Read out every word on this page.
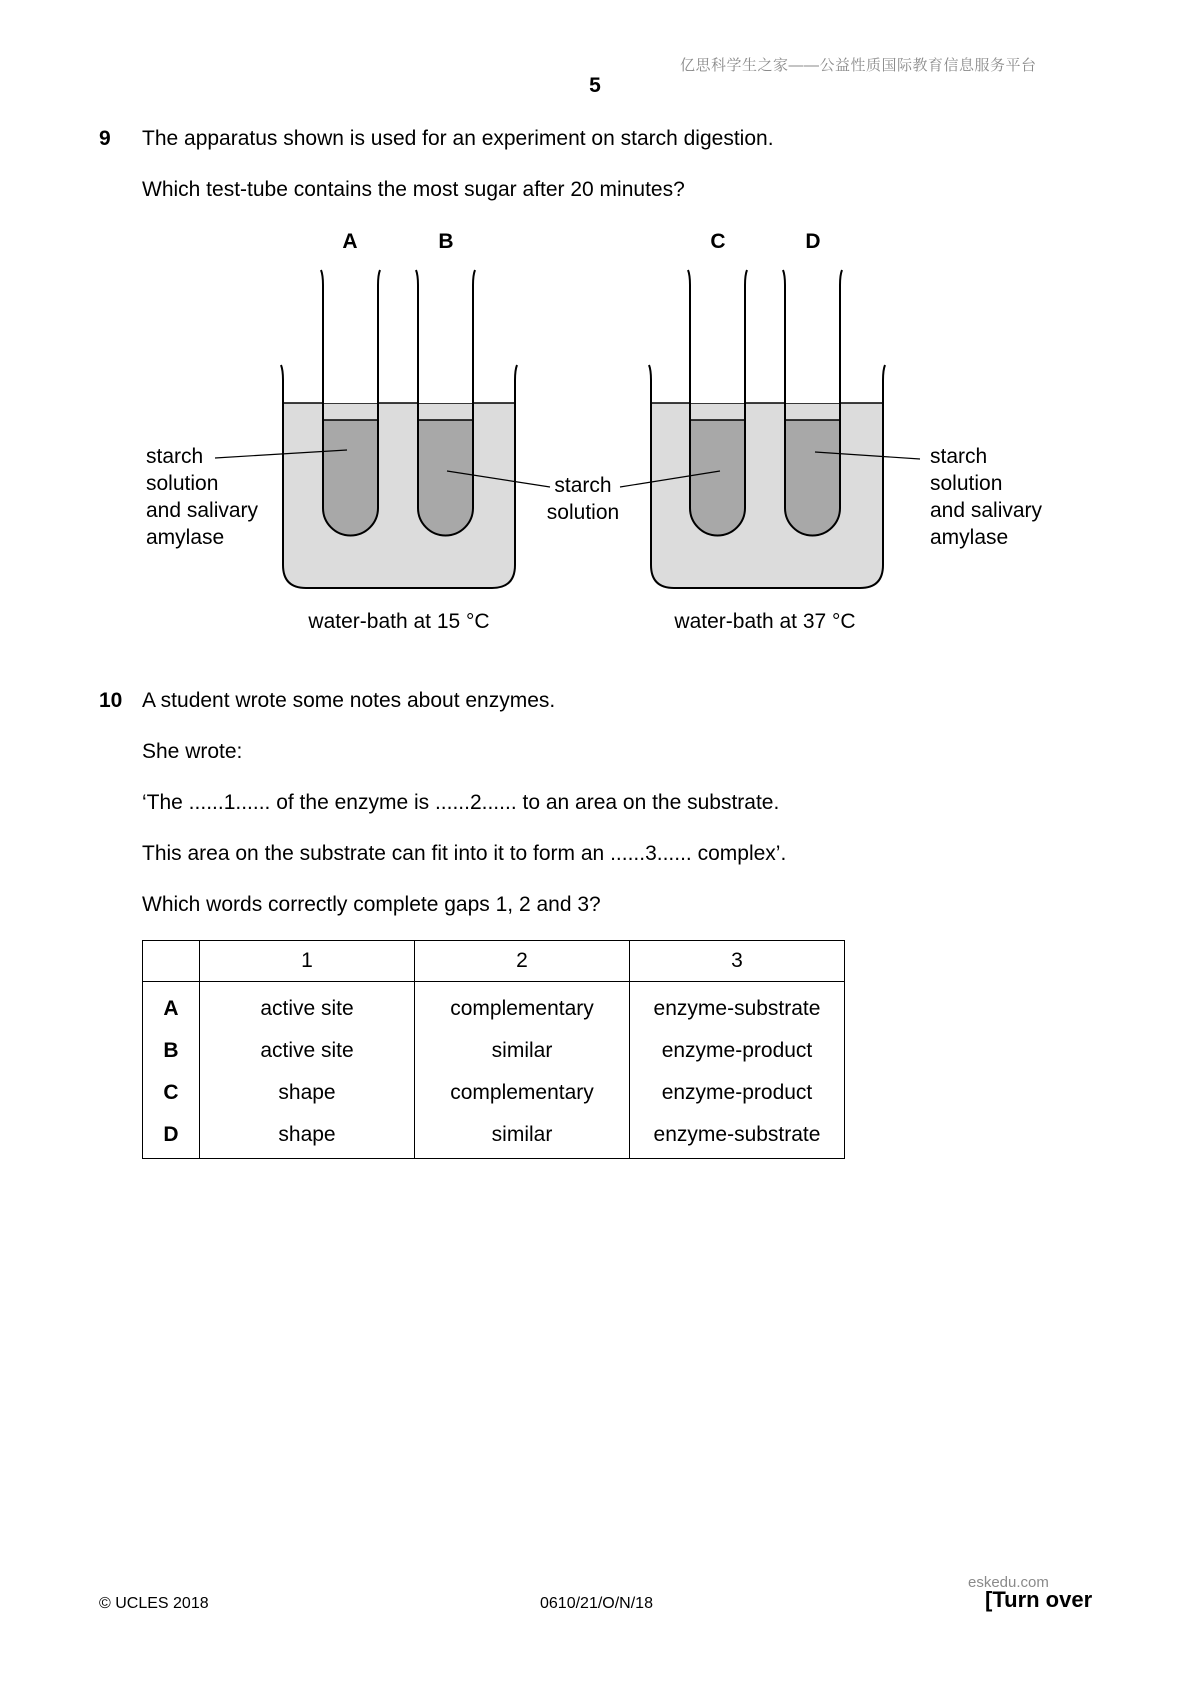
亿思科学生之家——公益性质国际教育信息服务平台
5
9 The apparatus shown is used for an experiment on starch digestion.
Which test-tube contains the most sugar after 20 minutes?
A	B	C	D
starch
solution
and salivary
amylase
starch
solution
starch
solution
and salivary
amylase
water-bath at 15 °C	water-bath at 37 °C
10 A student wrote some notes about enzymes.
She wrote:
‘The ......1...... of the enzyme is ......2...... to an area on the substrate.
This area on the substrate can fit into it to form an ......3...... complex’.
Which words correctly complete gaps 1, 2 and 3?
	1	2	3
A	active site	complementary	enzyme-substrate
B	active site	similar	enzyme-product
C	shape	complementary	enzyme-product
D	shape	similar	enzyme-substrate
eskedu.com
© UCLES 2018	0610/21/O/N/18	[Turn over
